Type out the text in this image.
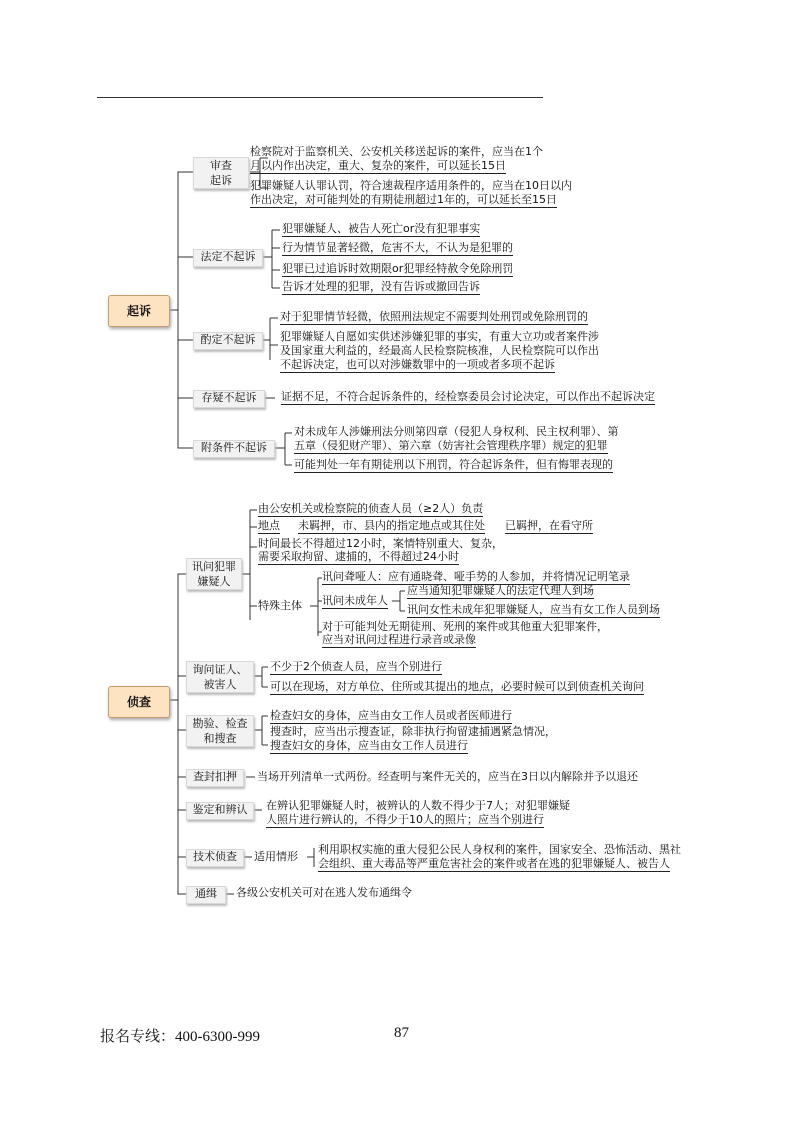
起诉
审查
起诉
检察院对于监察机关、公安机关移送起诉的案件，应当在1个
月以内作出决定，重大、复杂的案件，可以延长15日
犯罪嫌疑人认罪认罚，符合速裁程序适用条件的，应当在10日以内
作出决定，对可能判处的有期徒刑超过1年的，可以延长至15日
法定不起诉
犯罪嫌疑人、被告人死亡or没有犯罪事实
行为情节显著轻微，危害不大，不认为是犯罪的
犯罪已过追诉时效期限or犯罪经特赦令免除刑罚
告诉才处理的犯罪，没有告诉或撤回告诉
酌定不起诉
对于犯罪情节轻微，依照刑法规定不需要判处刑罚或免除刑罚的
犯罪嫌疑人自愿如实供述涉嫌犯罪的事实，有重大立功或者案件涉
及国家重大利益的，经最高人民检察院核准，人民检察院可以作出
不起诉决定，也可以对涉嫌数罪中的一项或者多项不起诉
存疑不起诉	证据不足，不符合起诉条件的，经检察委员会讨论决定，可以作出不起诉决定
附条件不起诉
对未成年人涉嫌刑法分则第四章（侵犯人身权利、民主权利罪）、第
五章（侵犯财产罪）、第六章（妨害社会管理秩序罪）规定的犯罪
可能判处一年有期徒刑以下刑罚，符合起诉条件，但有悔罪表现的
侦查
讯问犯罪
嫌疑人
由公安机关或检察院的侦查人员（≥2人）负责
地点 未羁押，市、县内的指定地点或其住处 已羁押，在看守所
时间最长不得超过12小时，案情特别重大、复杂，
需要采取拘留、逮捕的，不得超过24小时
特殊主体
讯问聋哑人：应有通晓聋、哑手势的人参加，并将情况记明笔录
讯问未成年人
应当通知犯罪嫌疑人的法定代理人到场
讯问女性未成年犯罪嫌疑人，应当有女工作人员到场
对于可能判处无期徒刑、死刑的案件或其他重大犯罪案件，
应当对讯问过程进行录音或录像
询问证人、
被害人
不少于2个侦查人员，应当个别进行
可以在现场，对方单位、住所或其提出的地点，必要时候可以到侦查机关询问
勘验、检查
和搜查
检查妇女的身体，应当由女工作人员或者医师进行
搜查时，应当出示搜查证，除非执行拘留逮捕遇紧急情况，
搜查妇女的身体，应当由女工作人员进行
查封扣押	当场开列清单一式两份。经查明与案件无关的，应当在3日以内解除并予以退还
鉴定和辨认	在辨认犯罪嫌疑人时，被辨认的人数不得少于7人；对犯罪嫌疑
人照片进行辨认的，不得少于10人的照片；应当个别进行
技术侦查	适用情形
利用职权实施的重大侵犯公民人身权利的案件，国家安全、恐怖活动、黑社
会组织、重大毒品等严重危害社会的案件或者在逃的犯罪嫌疑人、被告人
通缉	各级公安机关可对在逃人发布通缉令
报名专线：400-6300-999	87
